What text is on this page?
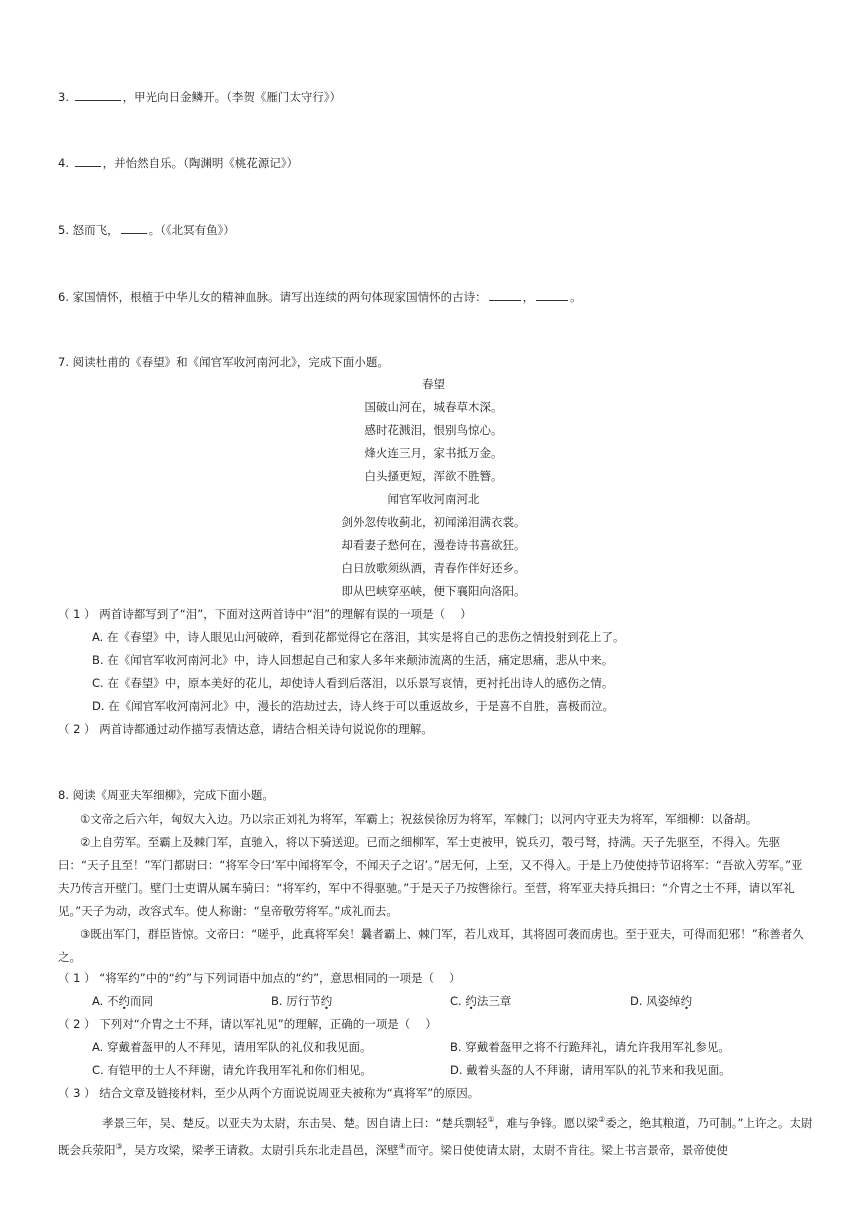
3.	，甲光向日金鳞开。（李贺《雁门太守行》）
4.	，并怡然自乐。（陶渊明《桃花源记》）
5. 怒而飞，	。（《北冥有鱼》）
6. 家国情怀，根植于中华儿女的精神血脉。请写出连续的两句体现家国情怀的古诗：	，	。
7. 阅读杜甫的《春望》和《闻官军收河南河北》，完成下面小题。
春望
国破山河在，城春草木深。
感时花溅泪，恨别鸟惊心。
烽火连三月，家书抵万金。
白头搔更短，浑欲不胜簪。
闻官军收河南河北
剑外忽传收蓟北，初闻涕泪满衣裳。
却看妻子愁何在，漫卷诗书喜欲狂。
白日放歌须纵酒，青春作伴好还乡。
即从巴峡穿巫峡，便下襄阳向洛阳。
（ 1 ） 两首诗都写到了“泪”，下面对这两首诗中“泪”的理解有误的一项是（　 ）
A. 在《春望》中，诗人眼见山河破碎，看到花都觉得它在落泪，其实是将自己的悲伤之情投射到花上了。
B. 在《闻官军收河南河北》中，诗人回想起自己和家人多年来颠沛流离的生活，痛定思痛，悲从中来。
C. 在《春望》中，原本美好的花儿，却使诗人看到后落泪，以乐景写哀情，更衬托出诗人的感伤之情。
D. 在《闻官军收河南河北》中，漫长的浩劫过去，诗人终于可以重返故乡，于是喜不自胜，喜极而泣。
（ 2 ） 两首诗都通过动作描写表情达意，请结合相关诗句说说你的理解。
8. 阅读《周亚夫军细柳》，完成下面小题。
①文帝之后六年，匈奴大入边。乃以宗正刘礼为将军，军霸上；祝兹侯徐厉为将军，军棘门；以河内守亚夫为将军，军细柳：以备胡。
②上自劳军。至霸上及棘门军，直驰入，将以下骑送迎。已而之细柳军，军士吏被甲，锐兵刃，彀弓弩，持满。天子先驱至，不得入。先驱曰：“天子且至！”军门都尉曰：“将军令曰‘军中闻将军令，不闻天子之诏’。”居无何，上至，又不得入。于是上乃使使持节诏将军：“吾欲入劳军。”亚夫乃传言开壁门。壁门士吏谓从属车骑曰：“将军约，军中不得驱驰。”于是天子乃按辔徐行。至营，将军亚夫持兵揖曰：“介胄之士不拜，请以军礼见。”天子为动，改容式车。使人称谢：“皇帝敬劳将军。”成礼而去。
③既出军门，群臣皆惊。文帝曰：“嗟乎，此真将军矣！曩者霸上、棘门军，若儿戏耳，其将固可袭而虏也。至于亚夫，可得而犯邪！”称善者久之。
（ 1 ） “将军约”中的“约”与下列词语中加点的“约”，意思相同的一项是（　 ）
A. 不约而同	B. 厉行节约	C. 约法三章	D. 风姿绰约
（ 2 ） 下列对“介胄之士不拜，请以军礼见”的理解，正确的一项是（　 ）
A. 穿戴着盔甲的人不拜见，请用军队的礼仪和我见面。	B. 穿戴着盔甲之将不行跪拜礼，请允许我用军礼参见。
C. 有铠甲的士人不拜谢，请允许我用军礼和你们相见。	D. 戴着头盔的人不拜谢，请用军队的礼节来和我见面。
（ 3 ） 结合文章及链接材料，至少从两个方面说说周亚夫被称为“真将军”的原因。
孝景三年，吴、楚反。以亚夫为太尉，东击吴、楚。因自请上曰：“楚兵剽轻①，难与争锋。愿以梁②委之，绝其粮道，乃可制。”上许之。太尉既会兵荥阳③，吴方攻梁，梁孝王请救。太尉引兵东北走昌邑，深壁④而守。梁日使使请太尉，太尉不肯往。梁上书言景帝，景帝使使
